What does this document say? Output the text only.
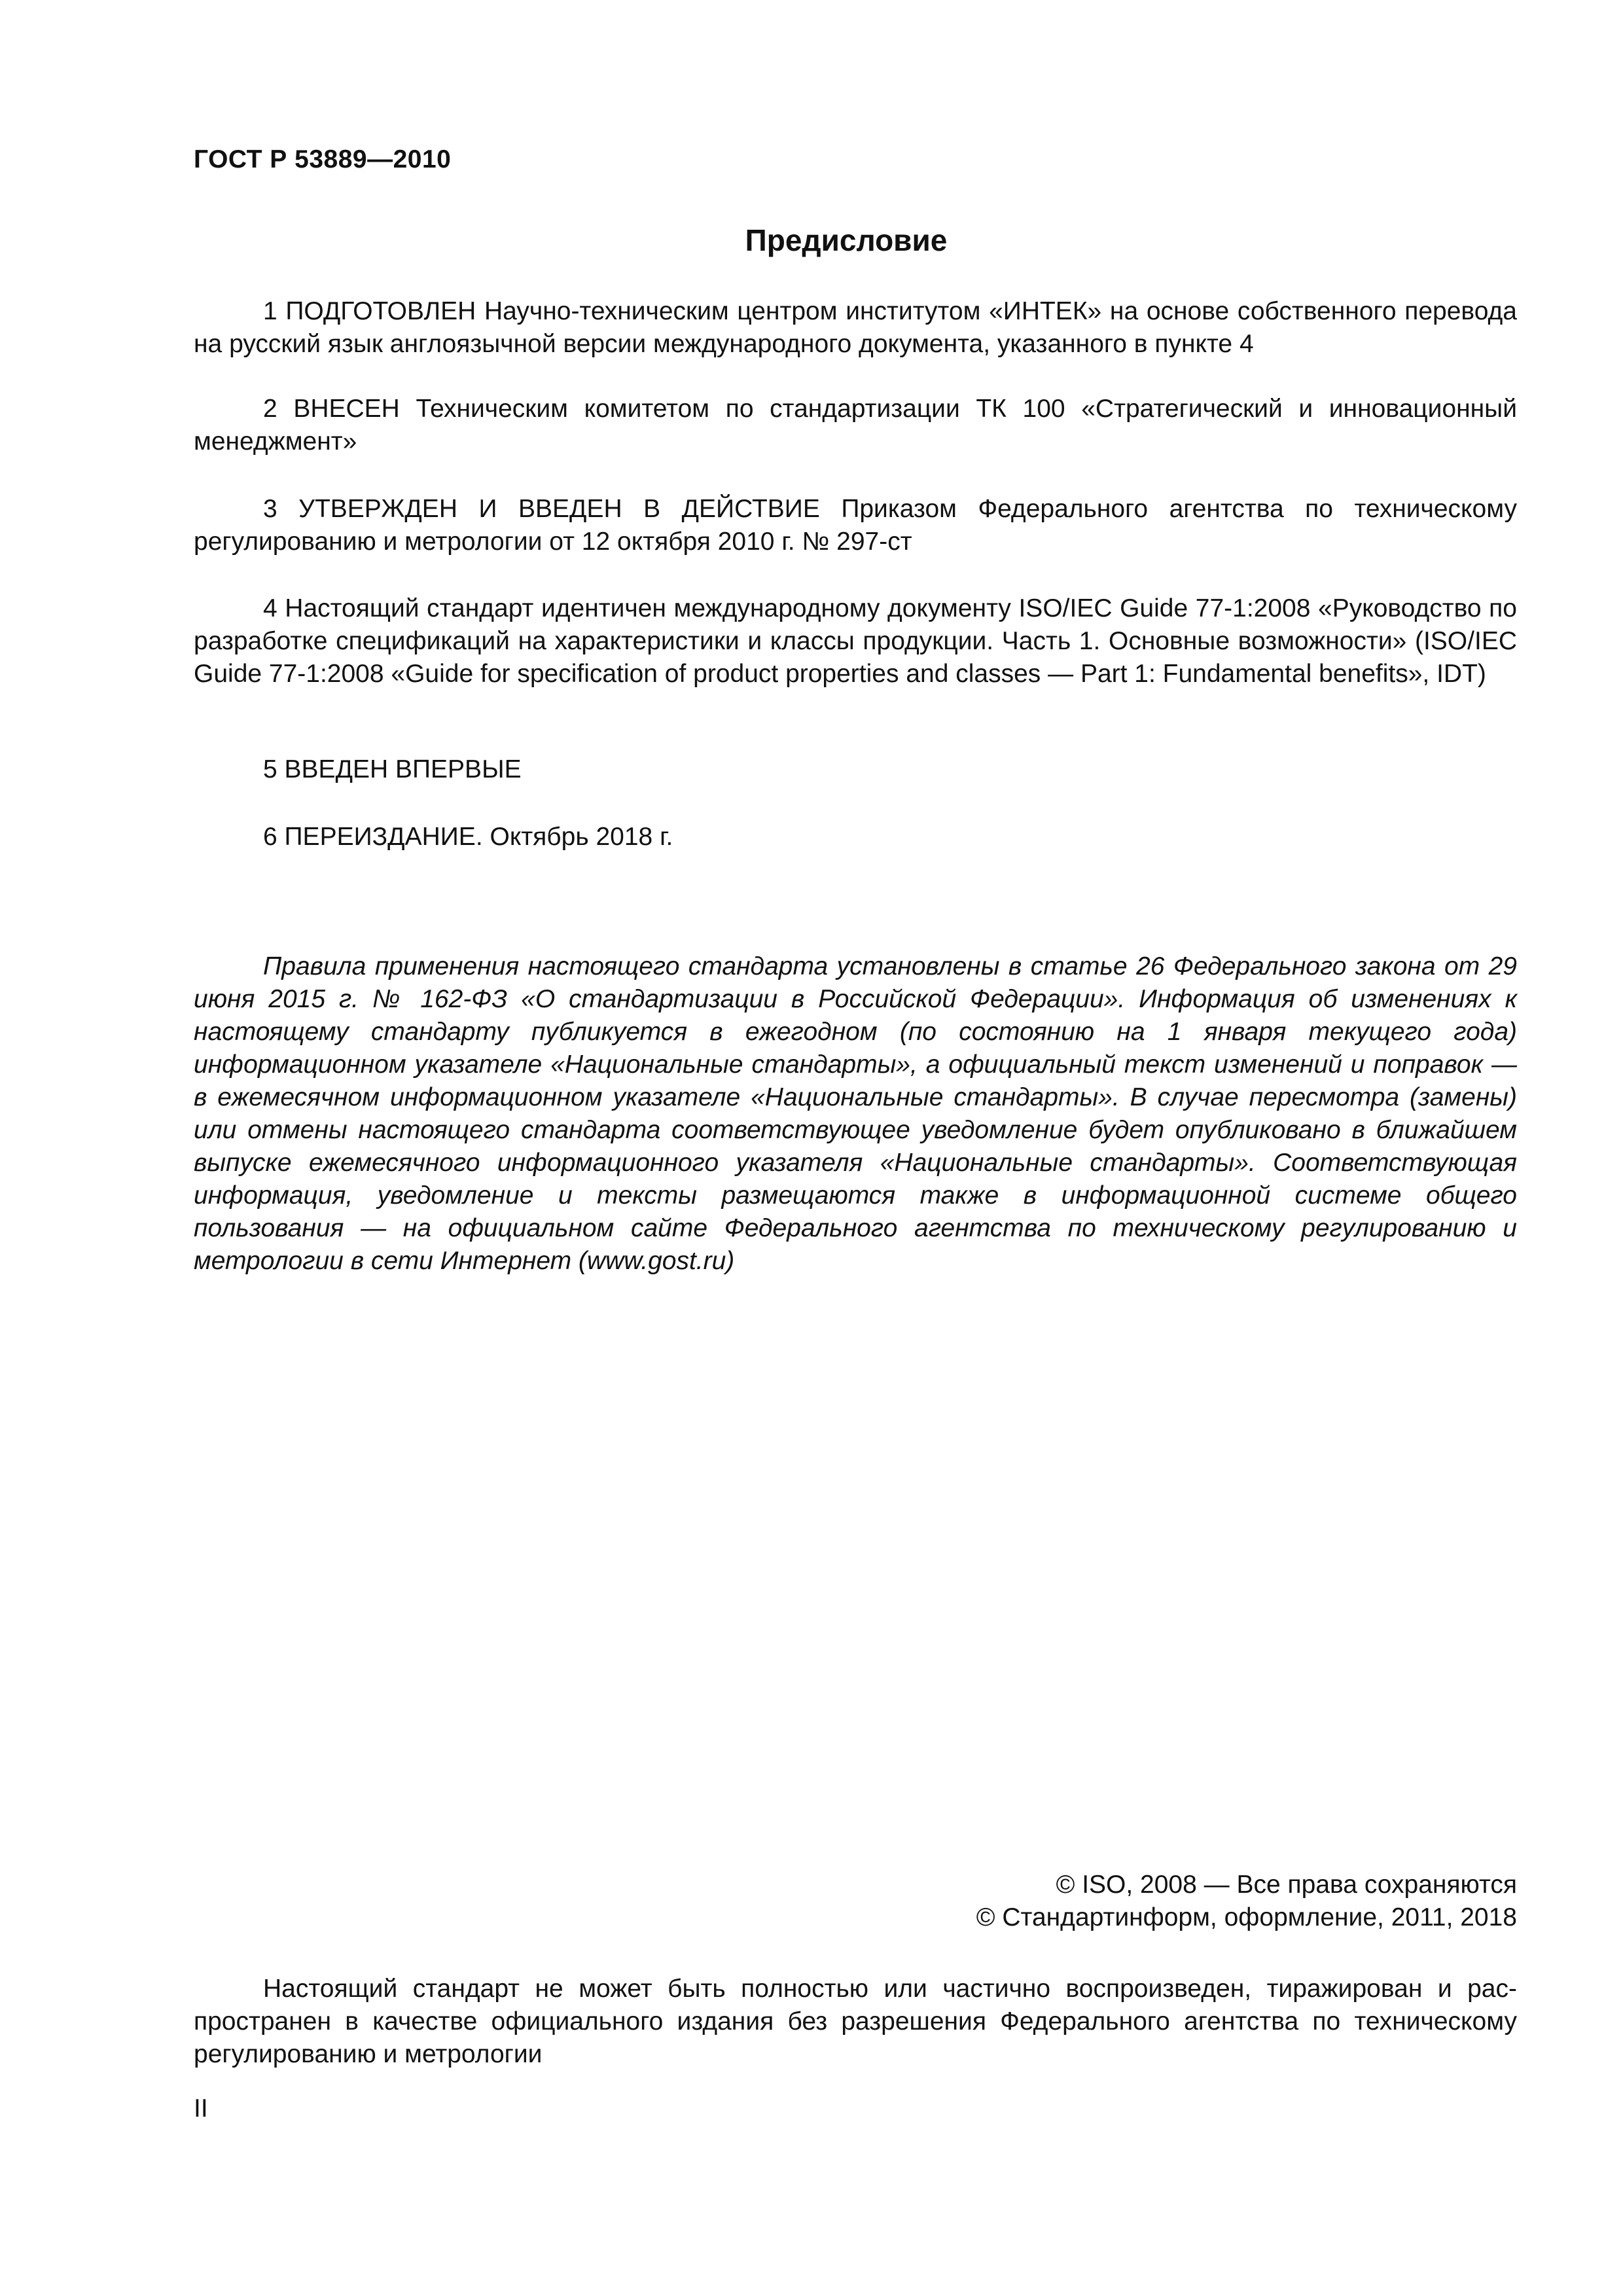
ГОСТ Р 53889—2010
Предисловие

1 ПОДГОТОВЛЕН Научно-техническим центром институтом «ИНТЕК» на основе собственного перевода на русский язык англоязычной версии международного документа, указанного в пункте 4

2 ВНЕСЕН Техническим комитетом по стандартизации ТК 100 «Стратегический и инновационный менеджмент»

3 УТВЕРЖДЕН И ВВЕДЕН В ДЕЙСТВИЕ Приказом Федерального агентства по техническому регулированию и метрологии от 12 октября 2010 г. № 297-ст

4 Настоящий стандарт идентичен международному документу ISO/IEC Guide 77-1:2008 «Руководство по разработке спецификаций на характеристики и классы продукции. Часть 1. Основные возможности» (ISO/IEC Guide 77-1:2008 «Guide for specification of product properties and classes — Part 1: Fundamental benefits», IDT)

5 ВВЕДЕН ВПЕРВЫЕ

6 ПЕРЕИЗДАНИЕ. Октябрь 2018 г.

Правила применения настоящего стандарта установлены в статье 26 Федерального закона от 29 июня 2015 г. № 162-ФЗ «О стандартизации в Российской Федерации». Информация об изменениях к настоящему стандарту публикуется в ежегодном (по состоянию на 1 января текущего года) информационном указателе «Национальные стандарты», а официальный текст изменений и поправок — в ежемесячном информационном указателе «Национальные стандарты». В случае пересмотра (замены) или отмены настоящего стандарта соответствующее уведомление будет опубликовано в ближайшем выпуске ежемесячного информационного указателя «Национальные стандарты». Соответствующая информация, уведомление и тексты размещаются также в информационной системе общего пользования — на официальном сайте Федерального агентства по техническому регулированию и метрологии в сети Интернет (www.gost.ru)

© ISO, 2008 — Все права сохраняются
© Стандартинформ, оформление, 2011, 2018

Настоящий стандарт не может быть полностью или частично воспроизведен, тиражирован и распространен в качестве официального издания без разрешения Федерального агентства по техническому регулированию и метрологии

II
